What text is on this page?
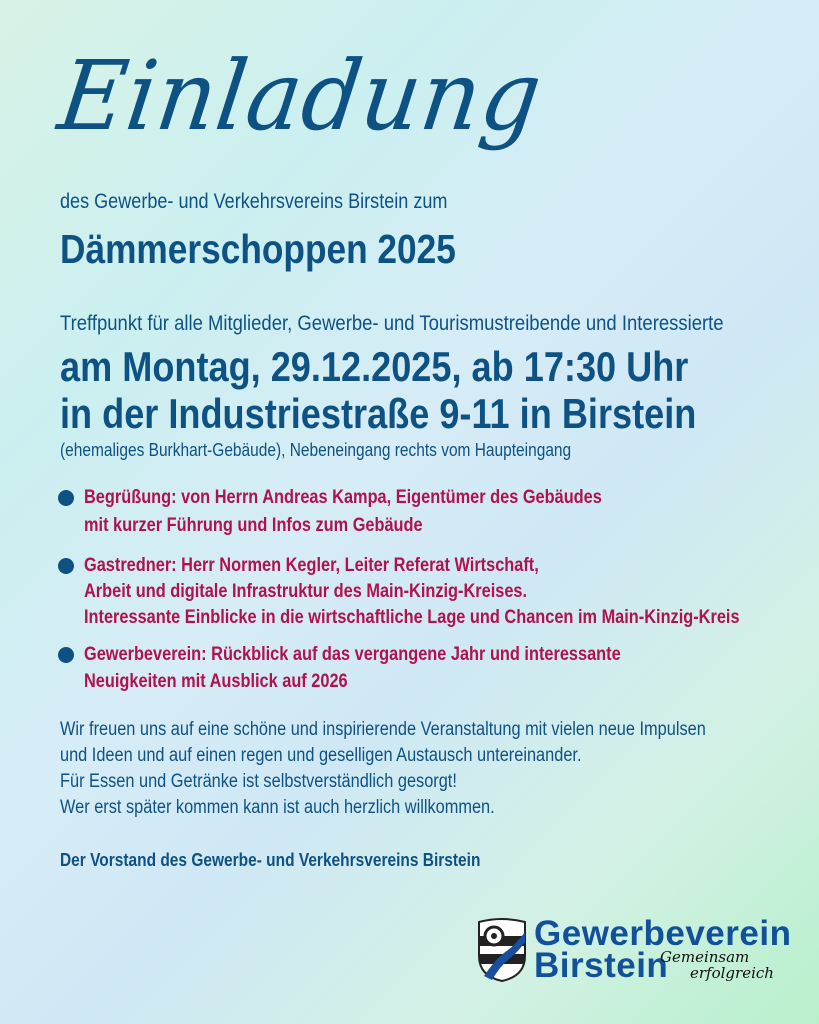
Einladung
des Gewerbe- und Verkehrsvereins Birstein zum
Dämmerschoppen 2025
Treffpunkt für alle Mitglieder, Gewerbe- und Tourismustreibende und Interessierte
am Montag, 29.12.2025, ab 17:30 Uhr
in der Industriestraße 9-11 in Birstein
(ehemaliges Burkhart-Gebäude), Nebeneingang rechts vom Haupteingang
Begrüßung: von Herrn Andreas Kampa, Eigentümer des Gebäudes
mit kurzer Führung und Infos zum Gebäude
Gastredner: Herr Normen Kegler, Leiter Referat Wirtschaft,
Arbeit und digitale Infrastruktur des Main-Kinzig-Kreises.
Interessante Einblicke in die wirtschaftliche Lage und Chancen im Main-Kinzig-Kreis
Gewerbeverein: Rückblick auf das vergangene Jahr und interessante
Neuigkeiten mit Ausblick auf 2026
Wir freuen uns auf eine schöne und inspirierende Veranstaltung mit vielen neue Impulsen
und Ideen und auf einen regen und geselligen Austausch untereinander.
Für Essen und Getränke ist selbstverständlich gesorgt!
Wer erst später kommen kann ist auch herzlich willkommen.
Der Vorstand des Gewerbe- und Verkehrsvereins Birstein
Gewerbeverein
Birstein
Gemeinsam
erfolgreich
